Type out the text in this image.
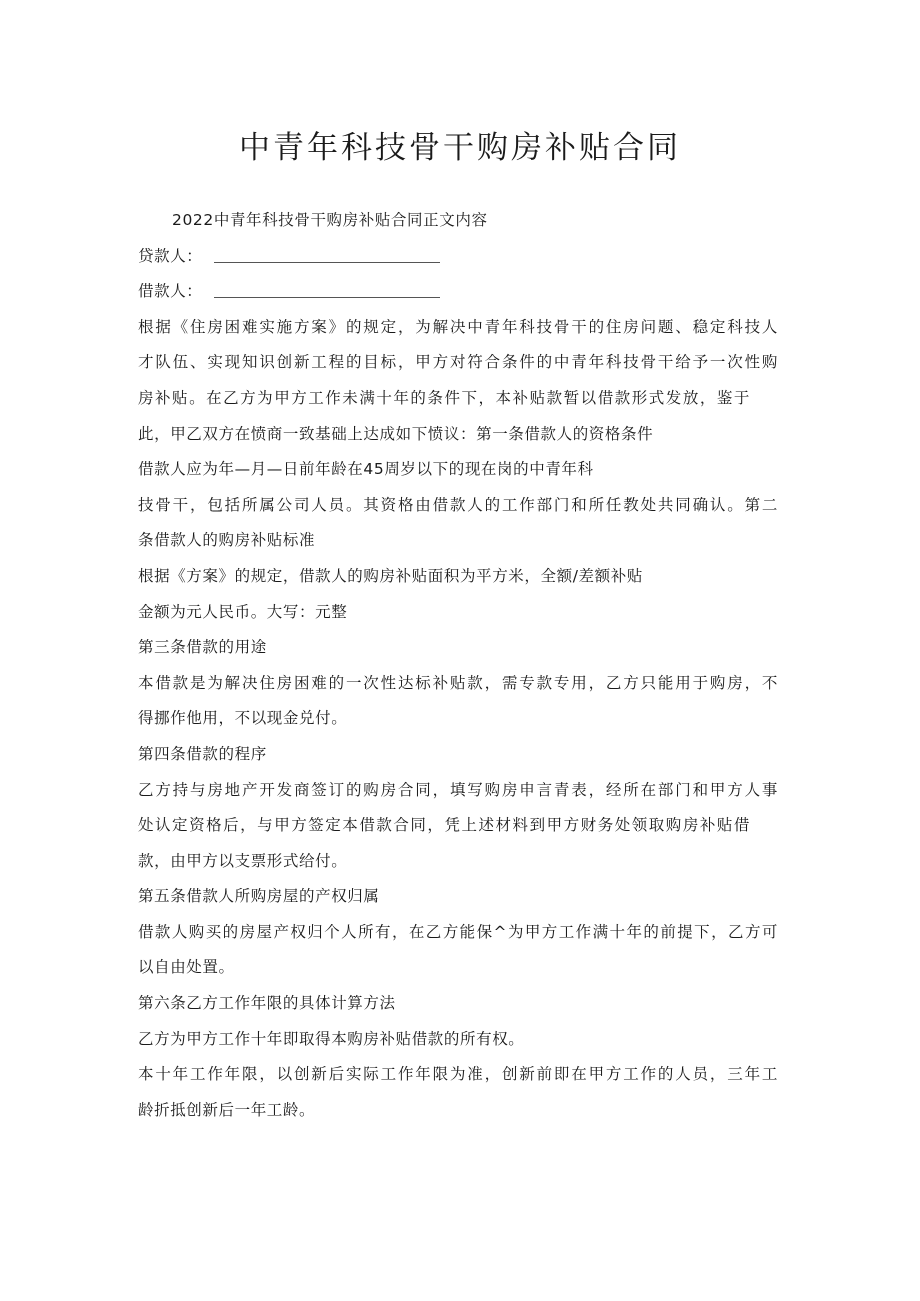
中青年科技骨干购房补贴合同
2022中青年科技骨干购房补贴合同正文内容
贷款人：
借款人：
根据《住房困难实施方案》的规定，为解决中青年科技骨干的住房问题、稳定科技人
才队伍、实现知识创新工程的目标，甲方对符合条件的中青年科技骨干给予一次性购
房补贴。在乙方为甲方工作未满十年的条件下，本补贴款暂以借款形式发放，鉴于
此，甲乙双方在愤商一致基础上达成如下愤议：第一条借款人的资格条件
借款人应为年—月—日前年龄在45周岁以下的现在岗的中青年科
技骨干，包括所属公司人员。其资格由借款人的工作部门和所任教处共同确认。第二
条借款人的购房补贴标准
根据《方案》的规定，借款人的购房补贴面积为平方米，全额/差额补贴
金额为元人民币。大写：元整
第三条借款的用途
本借款是为解决住房困难的一次性达标补贴款，需专款专用，乙方只能用于购房，不
得挪作他用，不以现金兑付。
第四条借款的程序
乙方持与房地产开发商签订的购房合同，填写购房申言青表，经所在部门和甲方人事
处认定资格后，与甲方签定本借款合同，凭上述材料到甲方财务处领取购房补贴借
款，由甲方以支票形式给付。
第五条借款人所购房屋的产权归属
借款人购买的房屋产权归个人所有，在乙方能保^为甲方工作满十年的前提下，乙方可
以自由处置。
第六条乙方工作年限的具体计算方法
乙方为甲方工作十年即取得本购房补贴借款的所有权。
本十年工作年限，以创新后实际工作年限为准，创新前即在甲方工作的人员，三年工
龄折抵创新后一年工龄。
